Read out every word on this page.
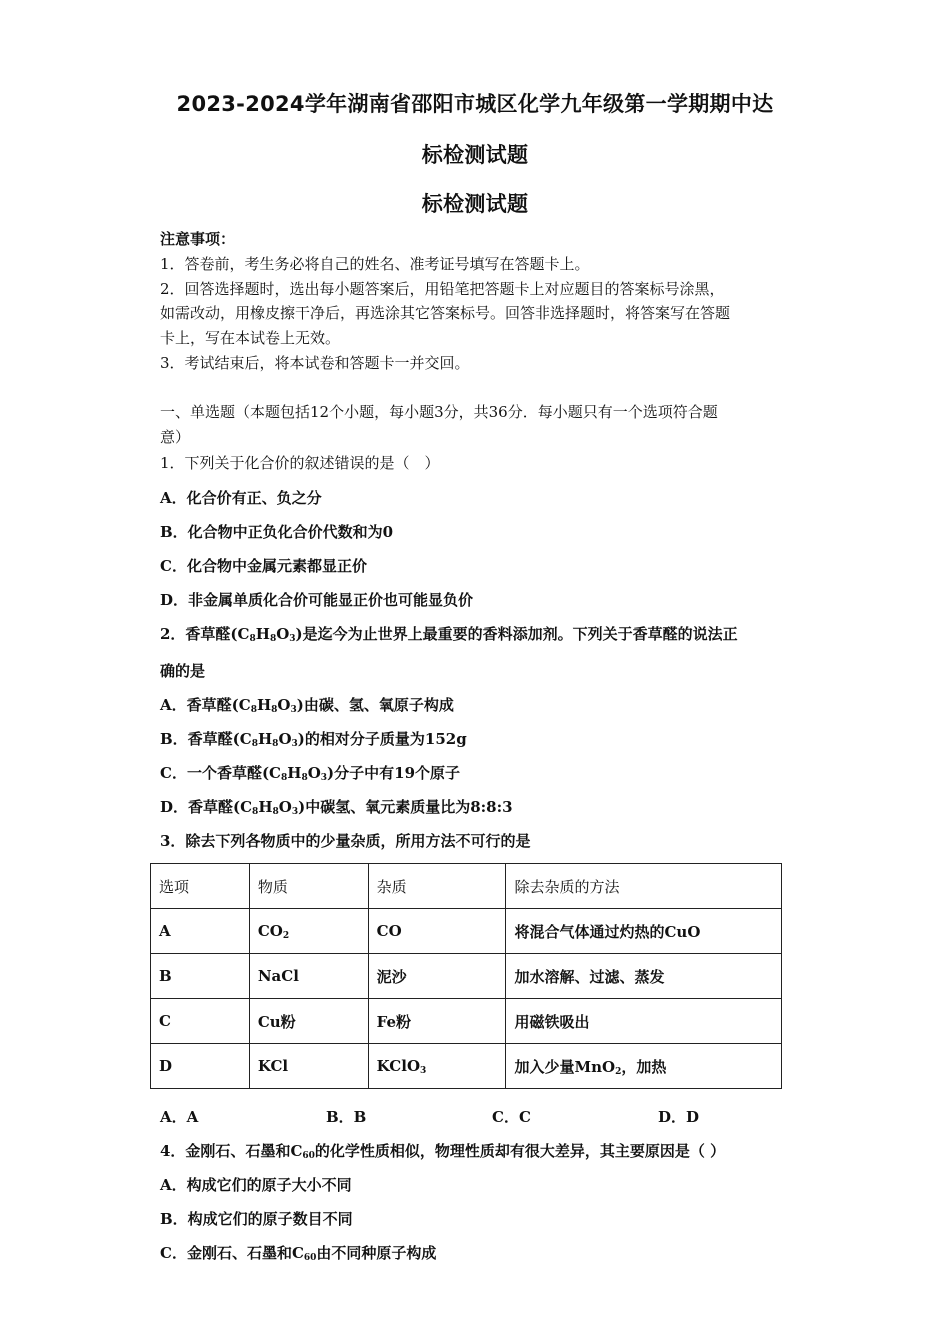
2023-2024学年湖南省邵阳市城区化学九年级第一学期期中达
标检测试题
标检测试题
注意事项：
1．答卷前，考生务必将自己的姓名、准考证号填写在答题卡上。
2．回答选择题时，选出每小题答案后，用铅笔把答题卡上对应题目的答案标号涂黑，
如需改动，用橡皮擦干净后，再选涂其它答案标号。回答非选择题时，将答案写在答题
卡上，写在本试卷上无效。
3．考试结束后，将本试卷和答题卡一并交回。
一、单选题（本题包括12个小题，每小题3分，共36分．每小题只有一个选项符合题
意）
1．下列关于化合价的叙述错误的是（　）
A．化合价有正、负之分
B．化合物中正负化合价代数和为0
C．化合物中金属元素都显正价
D．非金属单质化合价可能显正价也可能显负价
2．香草醛$(C_8H_8O_3)$是迄今为止世界上最重要的香料添加剂。下列关于香草醛的说法正
确的是
A．香草醛$(C_8H_8O_3)$由碳、氢、氧原子构成
B．香草醛$(C_8H_8O_3)$的相对分子质量为152g
C．一个香草醛$(C_8H_8O_3)$分子中有19个原子
D．香草醛$(C_8H_8O_3)$中碳氢、氧元素质量比为8:8:3
3．除去下列各物质中的少量杂质，所用方法不可行的是
选项	物质	杂质	除去杂质的方法
A	$CO_2$	CO	将混合气体通过灼热的CuO
B	NaCl	泥沙	加水溶解、过滤、蒸发
C	Cu粉	Fe粉	用磁铁吸出
D	KCl	KClO$_3$	加入少量MnO$_2$，加热
A．A	B．B	C．C	D．D
4．金刚石、石墨和$C_{60}$的化学性质相似，物理性质却有很大差异，其主要原因是（ ）
A．构成它们的原子大小不同
B．构成它们的原子数目不同
C．金刚石、石墨和$C_{60}$由不同种原子构成
